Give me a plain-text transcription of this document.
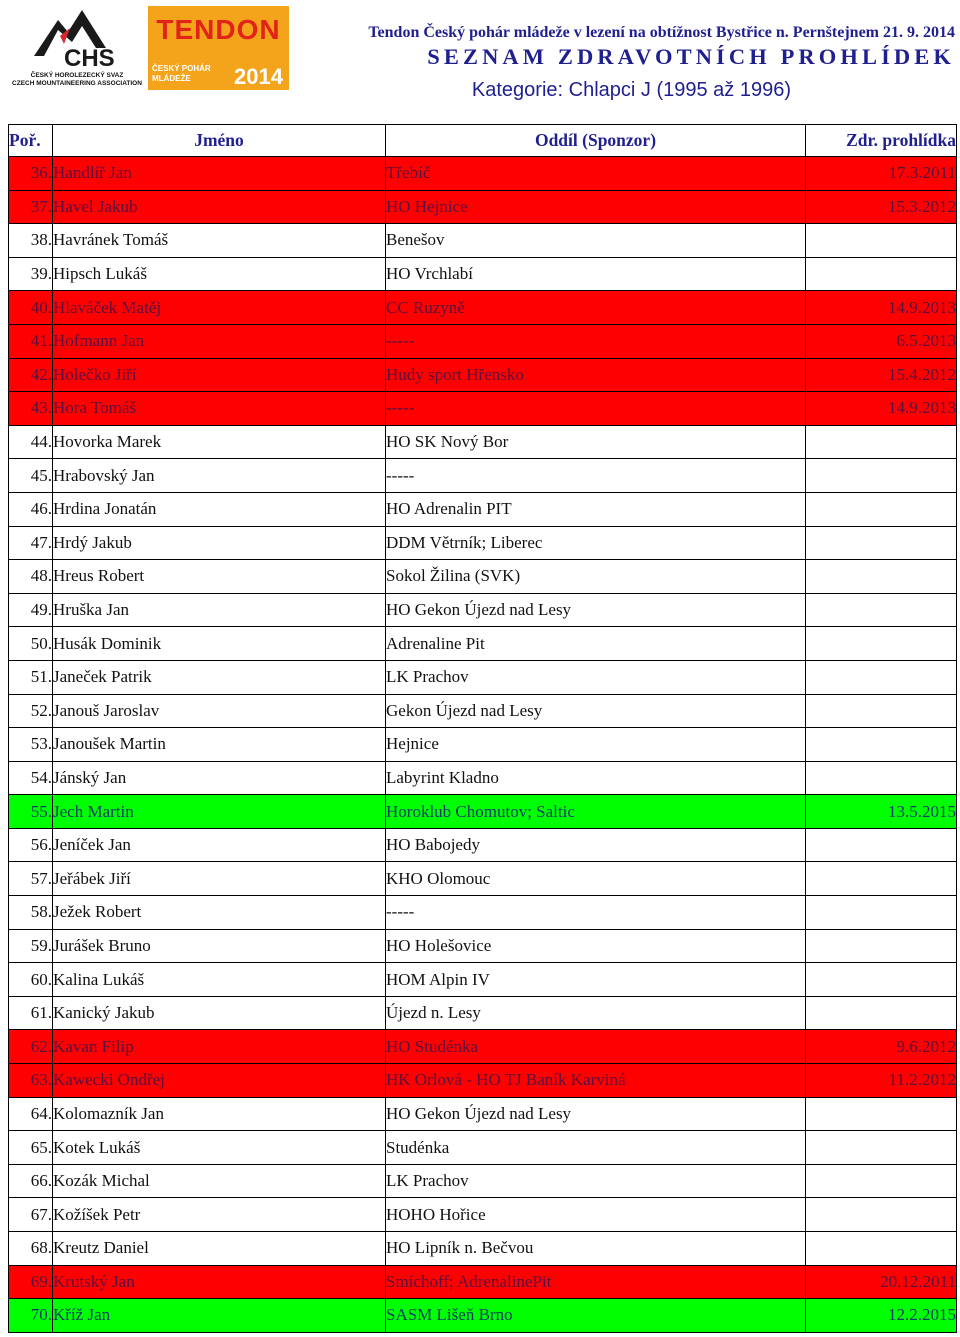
CHS
ČESKÝ HOROLEZECKÝ SVAZ
CZECH MOUNTAINEERING ASSOCIATION
TENDON
ČESKÝ POHÁR
MLÁDEŽE	2014
Tendon Český pohár mládeže v lezení na obtížnost Bystřice n. Pernštejnem 21. 9. 2014
SEZNAM ZDRAVOTNÍCH PROHLÍDEK
Kategorie: Chlapci J (1995 až 1996)
Poř.	Jméno	Oddíl (Sponzor)	Zdr. prohlídka
36.	Handlíř Jan	Třebíč	17.3.2011
37.	Havel Jakub	HO Hejnice	15.3.2012
38.	Havránek Tomáš	Benešov	
39.	Hipsch Lukáš	HO Vrchlabí	
40.	Hlaváček Matěj	CC Ruzyně	14.9.2013
41.	Hofmann Jan	-----	6.5.2013
42.	Holečko Jiří	Hudy sport Hřensko	15.4.2012
43.	Hora Tomáš	-----	14.9.2013
44.	Hovorka Marek	HO SK Nový Bor	
45.	Hrabovský Jan	-----	
46.	Hrdina Jonatán	HO Adrenalin PIT	
47.	Hrdý Jakub	DDM Větrník; Liberec	
48.	Hreus Robert	Sokol Žilina (SVK)	
49.	Hruška Jan	HO Gekon Újezd nad Lesy	
50.	Husák Dominik	Adrenaline Pit	
51.	Janeček Patrik	LK Prachov	
52.	Janouš Jaroslav	Gekon Újezd nad Lesy	
53.	Janoušek Martin	Hejnice	
54.	Jánský Jan	Labyrint Kladno	
55.	Jech Martin	Horoklub Chomutov; Saltic	13.5.2015
56.	Jeníček Jan	HO Babojedy	
57.	Jeřábek Jiří	KHO Olomouc	
58.	Ježek Robert	-----	
59.	Jurášek Bruno	HO Holešovice	
60.	Kalina Lukáš	HOM Alpin IV	
61.	Kanický Jakub	Újezd n. Lesy	
62.	Kavan Filip	HO Studénka	9.6.2012
63.	Kawecki Ondřej	HK Orlová - HO TJ Baník Karviná	11.2.2012
64.	Kolomazník Jan	HO Gekon Újezd nad Lesy	
65.	Kotek Lukáš	Studénka	
66.	Kozák Michal	LK Prachov	
67.	Kožíšek Petr	HOHO Hořice	
68.	Kreutz Daniel	HO Lipník n. Bečvou	
69.	Krutský Jan	Smíchoff; AdrenalinePit	20.12.2011
70.	Kříž Jan	SASM Lišeň Brno	12.2.2015
